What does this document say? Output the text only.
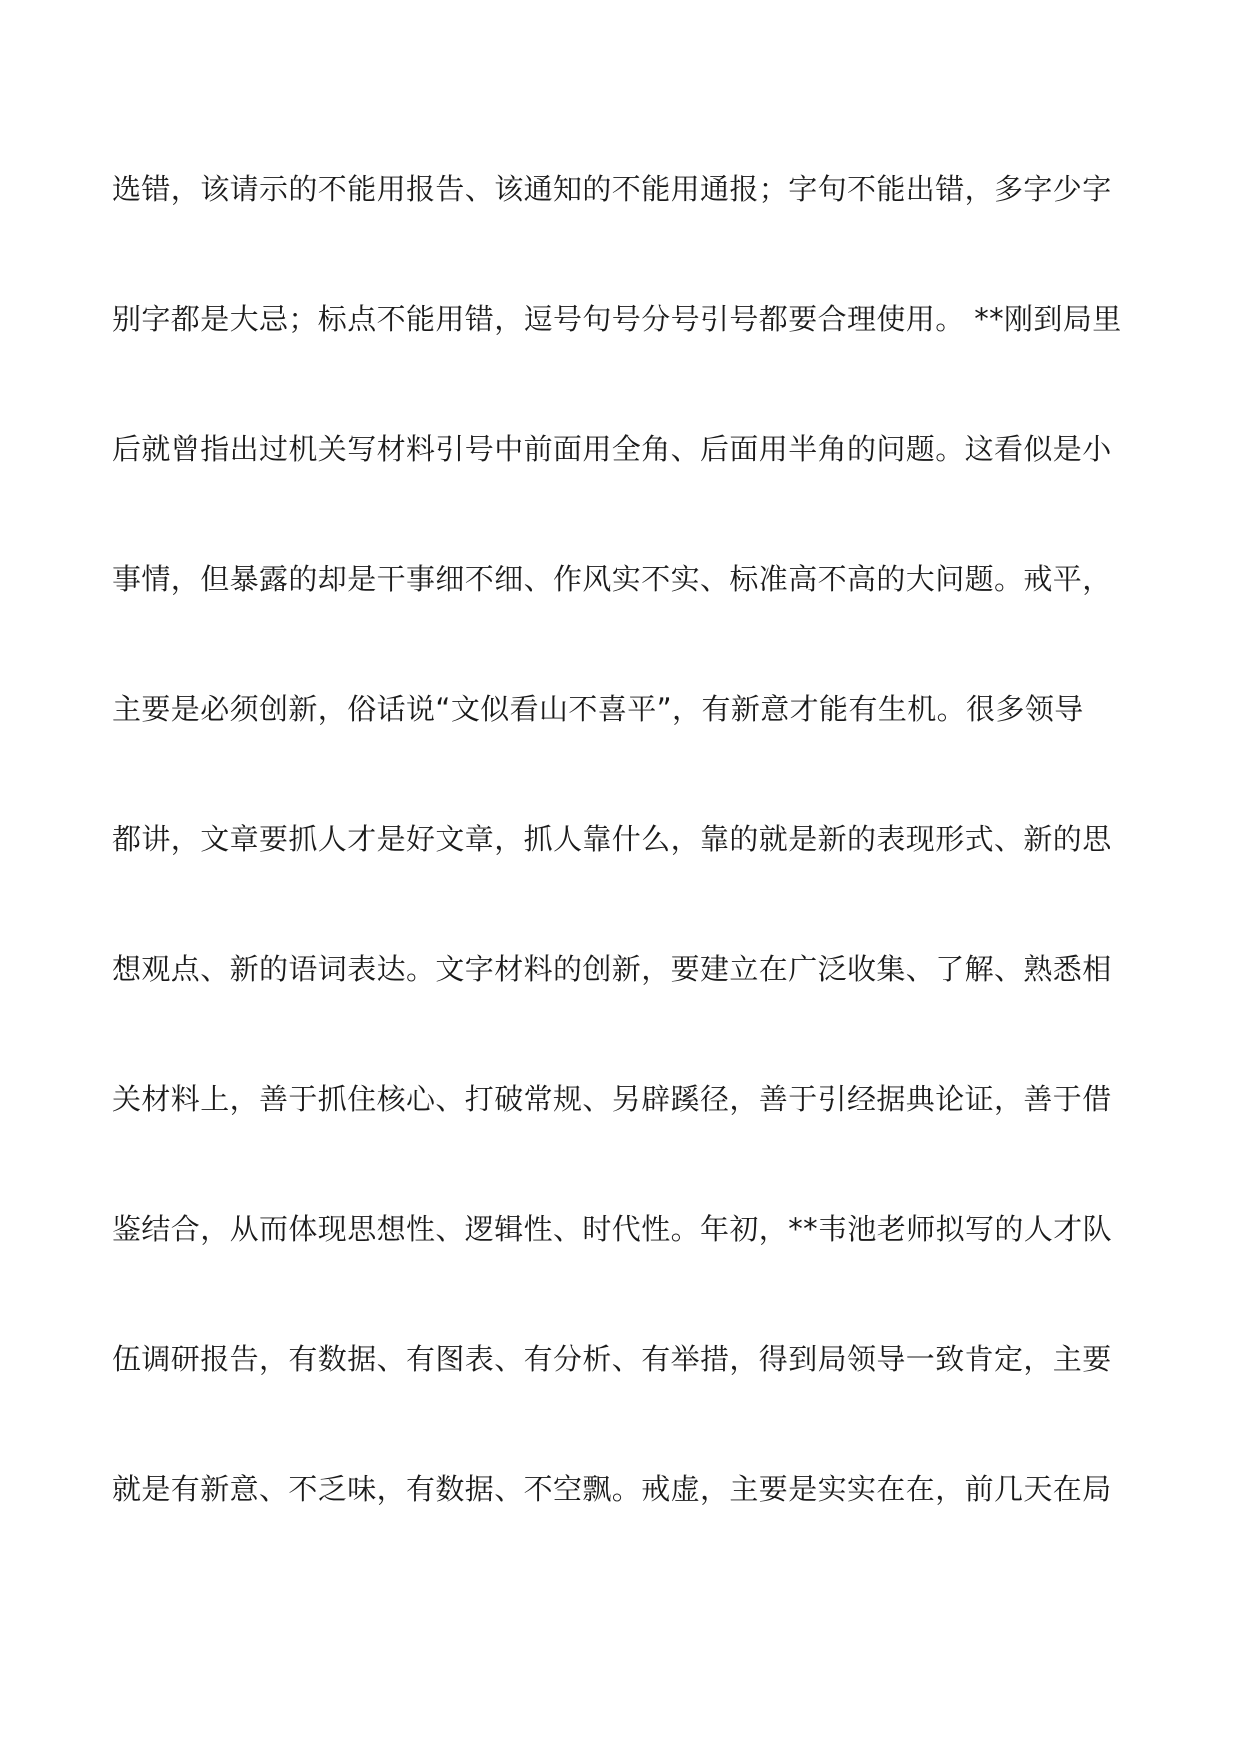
选错，该请示的不能用报告、该通知的不能用通报；字句不能出错，多字少字
别字都是大忌；标点不能用错，逗号句号分号引号都要合理使用。 **刚到局里
后就曾指出过机关写材料引号中前面用全角、后面用半角的问题。这看似是小
事情，但暴露的却是干事细不细、作风实不实、标准高不高的大问题。戒平，
主要是必须创新，俗话说“文似看山不喜平”，有新意才能有生机。很多领导
都讲，文章要抓人才是好文章，抓人靠什么，靠的就是新的表现形式、新的思
想观点、新的语词表达。文字材料的创新，要建立在广泛收集、了解、熟悉相
关材料上，善于抓住核心、打破常规、另辟蹊径，善于引经据典论证，善于借
鉴结合，从而体现思想性、逻辑性、时代性。年初，**韦池老师拟写的人才队
伍调研报告，有数据、有图表、有分析、有举措，得到局领导一致肯定，主要
就是有新意、不乏味，有数据、不空飘。戒虚，主要是实实在在，前几天在局
